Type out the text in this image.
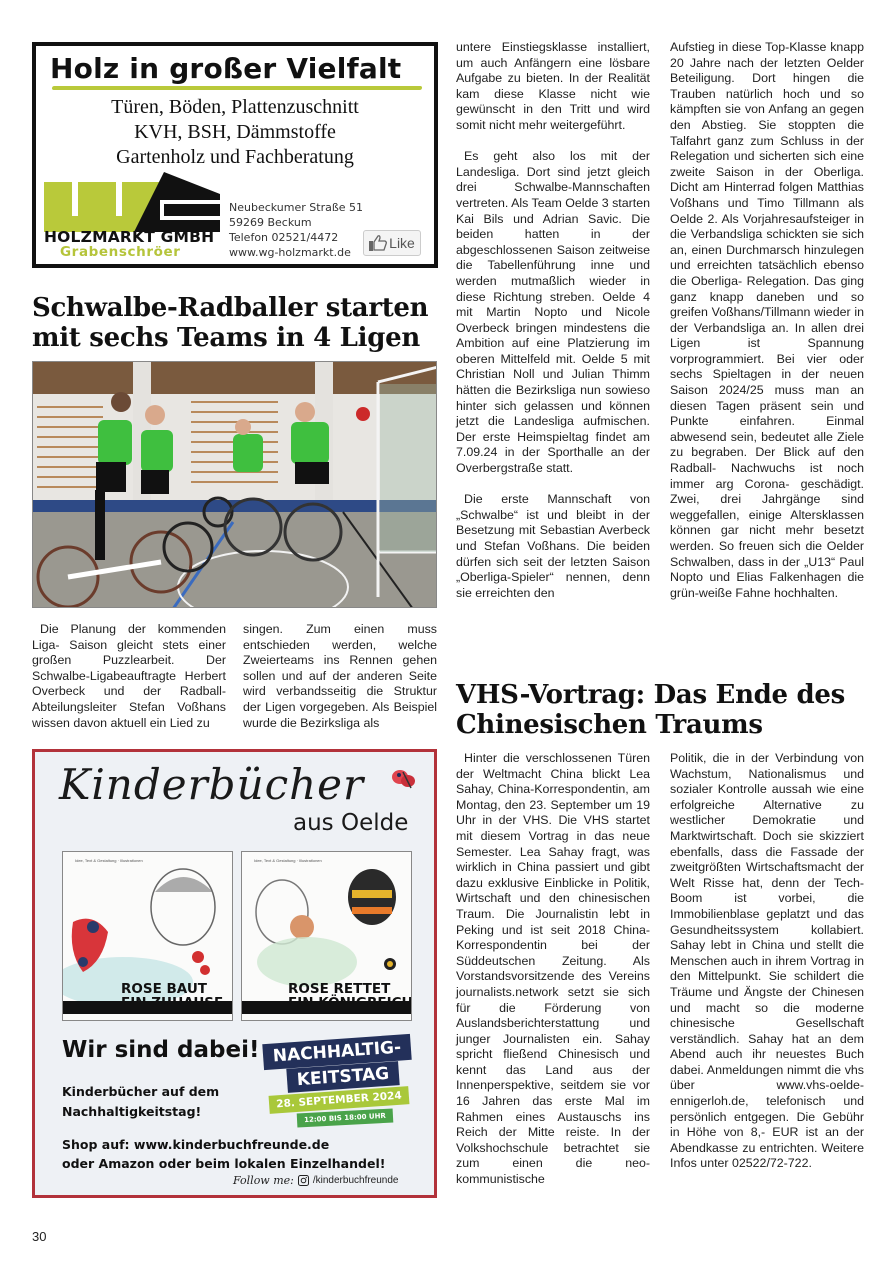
Holz in großer Vielfalt
Türen, Böden, Plattenzuschnitt
KVH, BSH, Dämmstoffe
Gartenholz und Fachberatung
HOLZMARKT GMBH
Grabenschröer
Neubeckumer Straße 51
59269 Beckum
Telefon 02521/4472
www.wg-holzmarkt.de
Like
Schwalbe-Radballer starten
mit sechs Teams in 4 Ligen

Die Planung der kommenden Liga- Saison gleicht stets einer großen Puzzlearbeit. Der Schwalbe-Ligabeauftragte Herbert Overbeck und der Radball-Abteilungsleiter Stefan Voßhans wissen davon aktuell ein Lied zu

singen. Zum einen muss entschieden werden, welche Zweierteams ins Rennen gehen sollen und auf der anderen Seite wird verbandsseitig die Struktur der Ligen vorgegeben. Als Beispiel wurde die Bezirksliga als

untere Einstiegsklasse installiert, um auch Anfängern eine lösbare Aufgabe zu bieten. In der Realität kam diese Klasse nicht wie gewünscht in den Tritt und wird somit nicht mehr weitergeführt.

Es geht also los mit der Landesliga. Dort sind jetzt gleich drei Schwalbe-Mannschaften vertreten. Als Team Oelde 3 starten Kai Bils und Adrian Savic. Die beiden hatten in der abgeschlossenen Saison zeitweise die Tabellenführung inne und werden mutmaßlich wieder in diese Richtung streben. Oelde 4 mit Martin Nopto und Nicole Overbeck bringen mindestens die Ambition auf eine Platzierung im oberen Mittelfeld mit. Oelde 5 mit Christian Noll und Julian Thimm hätten die Bezirksliga nun sowieso hinter sich gelassen und können jetzt die Landesliga aufmischen. Der erste Heimspieltag findet am 7.09.24 in der Sporthalle an der Overbergstraße statt.

Die erste Mannschaft von „Schwalbe“ ist und bleibt in der Besetzung mit Sebastian Averbeck und Stefan Voßhans. Die beiden dürfen sich seit der letzten Saison „Oberliga-Spieler“ nennen, denn sie erreichten den

Aufstieg in diese Top-Klasse knapp 20 Jahre nach der letzten Oelder Beteiligung. Dort hingen die Trauben natürlich hoch und so kämpften sie von Anfang an gegen den Abstieg. Sie stoppten die Talfahrt ganz zum Schluss in der Relegation und sicherten sich eine zweite Saison in der Oberliga. Dicht am Hinterrad folgen Matthias Voßhans und Timo Tillmann als Oelde 2. Als Vorjahresaufsteiger in die Verbandsliga schickten sie sich an, einen Durchmarsch hinzulegen und erreichten tatsächlich ebenso die Oberliga- Relegation. Das ging ganz knapp daneben und so greifen Voßhans/Tillmann wieder in der Verbandsliga an. In allen drei Ligen ist Spannung vorprogrammiert. Bei vier oder sechs Spieltagen in der neuen Saison 2024/25 muss man an diesen Tagen präsent sein und Punkte einfahren. Einmal abwesend sein, bedeutet alle Ziele zu begraben. Der Blick auf den Radball- Nachwuchs ist noch immer arg Corona- geschädigt. Zwei, drei Jahrgänge sind weggefallen, einige Altersklassen können gar nicht mehr besetzt werden. So freuen sich die Oelder Schwalben, dass in der „U13“ Paul Nopto und Elias Falkenhagen die grün-weiße Fahne hochhalten.

VHS-Vortrag: Das Ende des
Chinesischen Traums

Hinter die verschlossenen Türen der Weltmacht China blickt Lea Sahay, China-Korrespondentin, am Montag, den 23. September um 19 Uhr in der VHS. Die VHS startet mit diesem Vortrag in das neue Semester. Lea Sahay fragt, was wirklich in China passiert und gibt dazu exklusive Einblicke in Politik, Wirtschaft und den chinesischen Traum. Die Journalistin lebt in Peking und ist seit 2018 China-Korrespondentin bei der Süddeutschen Zeitung. Als Vorstandsvorsitzende des Vereins journalists.network setzt sie sich für die Förderung von Auslandsberichterstattung und junger Journalisten ein. Sahay spricht fließend Chinesisch und kennt das Land aus der Innenperspektive, seitdem sie vor 16 Jahren das erste Mal im Rahmen eines Austauschs ins Reich der Mitte reiste. In der Volkshochschule betrachtet sie zum einen die neo-kommunistische

Politik, die in der Verbindung von Wachstum, Nationalismus und sozialer Kontrolle aussah wie eine erfolgreiche Alternative zu westlicher Demokratie und Marktwirtschaft. Doch sie skizziert ebenfalls, dass die Fassade der zweitgrößten Wirtschaftsmacht der Welt Risse hat, denn der Tech-Boom ist vorbei, die Immobilienblase geplatzt und das Gesundheitssystem kollabiert. Sahay lebt in China und stellt die Menschen auch in ihrem Vortrag in den Mittelpunkt. Sie schildert die Träume und Ängste der Chinesen und macht so die moderne chinesische Gesellschaft verständlich. Sahay hat an dem Abend auch ihr neuestes Buch dabei. Anmeldungen nimmt die vhs über www.vhs-oelde-ennigerloh.de, telefonisch und persönlich entgegen. Die Gebühr in Höhe von 8,- EUR ist an der Abendkasse zu entrichten. Weitere Infos unter 02522/72-722.

Kinderbücher
aus Oelde
Idee, Text & Gestaltung · Illustrationen
ROSE BAUT
Idee, Text & Gestaltung · Illustrationen
ROSE RETTET
Wir sind dabei!
Kinderbücher auf dem
Nachhaltigkeitstag!
NACHHALTIG-
KEITSTAG
28. SEPTEMBER 2024
12:00 BIS 18:00 UHR
Shop auf: www.kinderbuchfreunde.de
oder Amazon oder beim lokalen Einzelhandel!
Follow me: /kinderbuchfreunde
30
